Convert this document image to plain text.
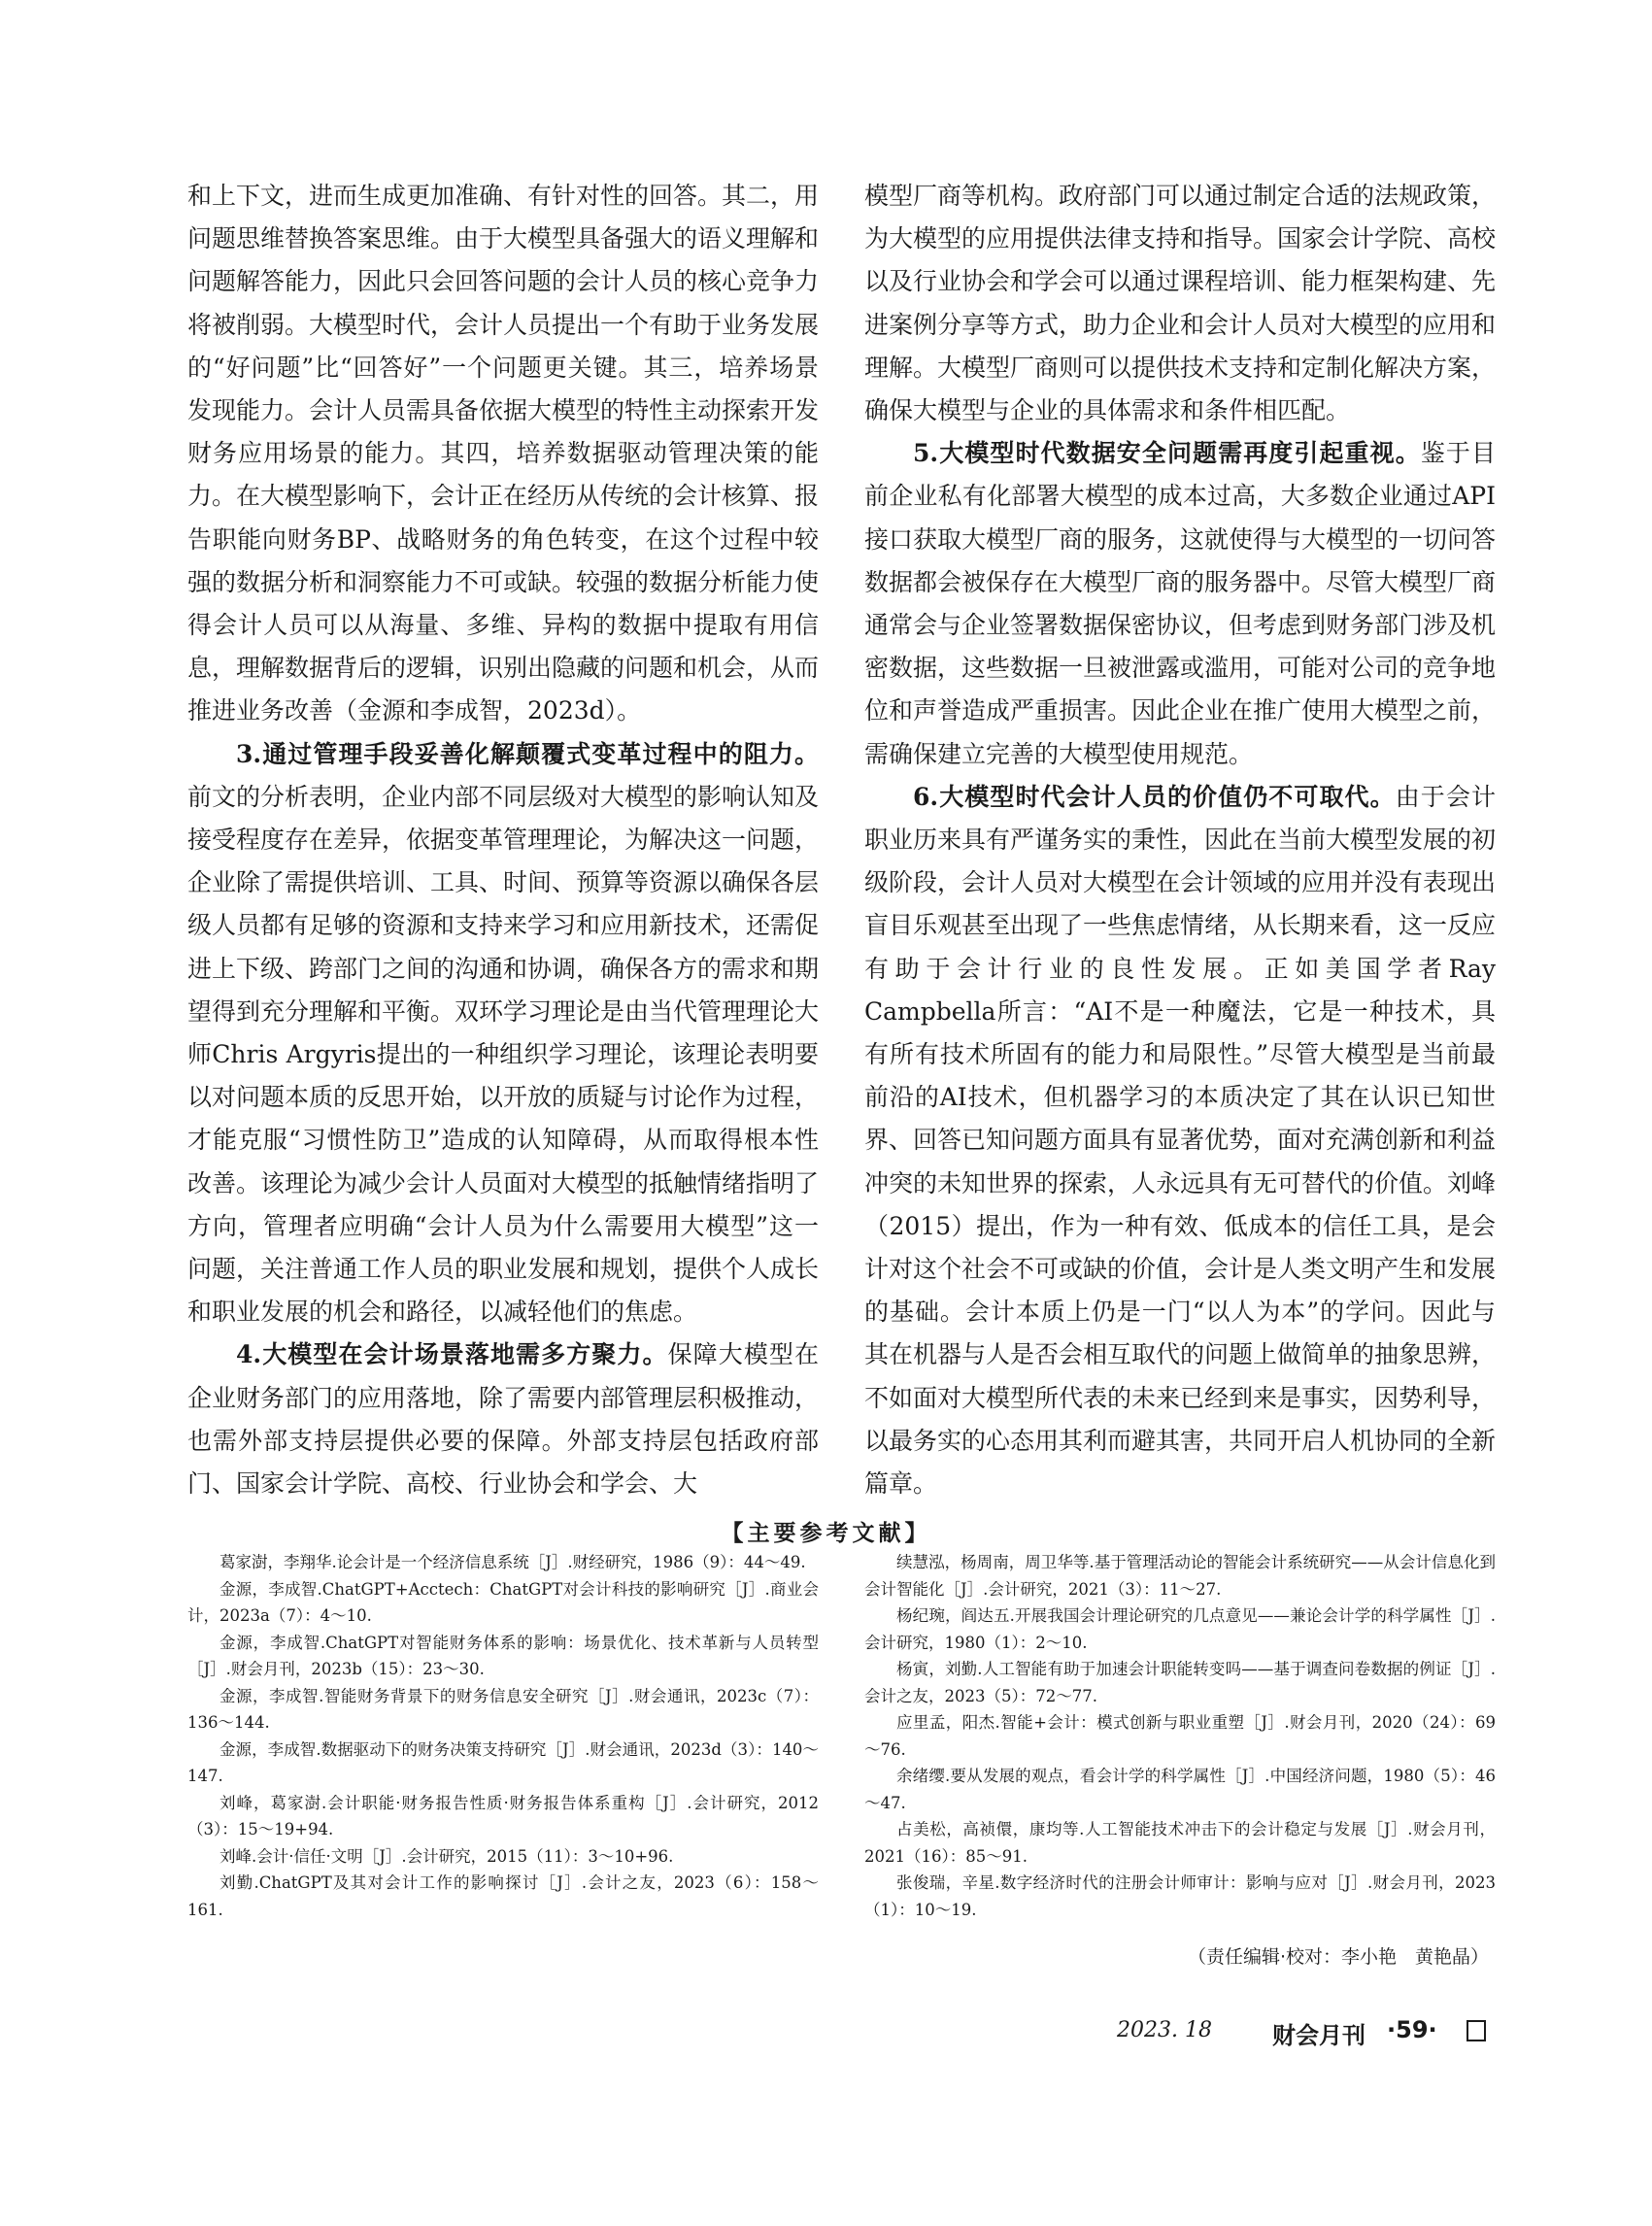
和上下文，进而生成更加准确、有针对性的回答。其二，用问题思维替换答案思维。由于大模型具备强大的语义理解和问题解答能力，因此只会回答问题的会计人员的核心竞争力将被削弱。大模型时代，会计人员提出一个有助于业务发展的“好问题”比“回答好”一个问题更关键。其三，培养场景发现能力。会计人员需具备依据大模型的特性主动探索开发财务应用场景的能力。其四，培养数据驱动管理决策的能力。在大模型影响下，会计正在经历从传统的会计核算、报告职能向财务BP、战略财务的角色转变，在这个过程中较强的数据分析和洞察能力不可或缺。较强的数据分析能力使得会计人员可以从海量、多维、异构的数据中提取有用信息，理解数据背后的逻辑，识别出隐藏的问题和机会，从而推进业务改善（金源和李成智，2023d）。

3.通过管理手段妥善化解颠覆式变革过程中的阻力。前文的分析表明，企业内部不同层级对大模型的影响认知及接受程度存在差异，依据变革管理理论，为解决这一问题，企业除了需提供培训、工具、时间、预算等资源以确保各层级人员都有足够的资源和支持来学习和应用新技术，还需促进上下级、跨部门之间的沟通和协调，确保各方的需求和期望得到充分理解和平衡。双环学习理论是由当代管理理论大师Chris Argyris提出的一种组织学习理论，该理论表明要以对问题本质的反思开始，以开放的质疑与讨论作为过程，才能克服“习惯性防卫”造成的认知障碍，从而取得根本性改善。该理论为减少会计人员面对大模型的抵触情绪指明了方向，管理者应明确“会计人员为什么需要用大模型”这一问题，关注普通工作人员的职业发展和规划，提供个人成长和职业发展的机会和路径，以减轻他们的焦虑。

4.大模型在会计场景落地需多方聚力。保障大模型在企业财务部门的应用落地，除了需要内部管理层积极推动，也需外部支持层提供必要的保障。外部支持层包括政府部门、国家会计学院、高校、行业协会和学会、大

模型厂商等机构。政府部门可以通过制定合适的法规政策，为大模型的应用提供法律支持和指导。国家会计学院、高校以及行业协会和学会可以通过课程培训、能力框架构建、先进案例分享等方式，助力企业和会计人员对大模型的应用和理解。大模型厂商则可以提供技术支持和定制化解决方案，确保大模型与企业的具体需求和条件相匹配。

5.大模型时代数据安全问题需再度引起重视。鉴于目前企业私有化部署大模型的成本过高，大多数企业通过API接口获取大模型厂商的服务，这就使得与大模型的一切问答数据都会被保存在大模型厂商的服务器中。尽管大模型厂商通常会与企业签署数据保密协议，但考虑到财务部门涉及机密数据，这些数据一旦被泄露或滥用，可能对公司的竞争地位和声誉造成严重损害。因此企业在推广使用大模型之前，需确保建立完善的大模型使用规范。

6.大模型时代会计人员的价值仍不可取代。由于会计职业历来具有严谨务实的秉性，因此在当前大模型发展的初级阶段，会计人员对大模型在会计领域的应用并没有表现出盲目乐观甚至出现了一些焦虑情绪，从长期来看，这一反应有助于会计行业的良性发展。正如美国学者Ray Campbella所言：“AI不是一种魔法，它是一种技术，具有所有技术所固有的能力和局限性。”尽管大模型是当前最前沿的AI技术，但机器学习的本质决定了其在认识已知世界、回答已知问题方面具有显著优势，面对充满创新和利益冲突的未知世界的探索，人永远具有无可替代的价值。刘峰（2015）提出，作为一种有效、低成本的信任工具，是会计对这个社会不可或缺的价值，会计是人类文明产生和发展的基础。会计本质上仍是一门“以人为本”的学问。因此与其在机器与人是否会相互取代的问题上做简单的抽象思辨，不如面对大模型所代表的未来已经到来是事实，因势利导，以最务实的心态用其利而避其害，共同开启人机协同的全新篇章。

【主要参考文献】
葛家澍，李翔华.论会计是一个经济信息系统［J］.财经研究，1986（9）：44～49.
金源，李成智.ChatGPT+Acctech：ChatGPT对会计科技的影响研究［J］.商业会计，2023a（7）：4～10.
金源，李成智.ChatGPT对智能财务体系的影响：场景优化、技术革新与人员转型［J］.财会月刊，2023b（15）：23～30.
金源，李成智.智能财务背景下的财务信息安全研究［J］.财会通讯，2023c（7）：136～144.
金源，李成智.数据驱动下的财务决策支持研究［J］.财会通讯，2023d（3）：140～147.
刘峰，葛家澍.会计职能·财务报告性质·财务报告体系重构［J］.会计研究，2012（3）：15～19+94.
刘峰.会计·信任·文明［J］.会计研究，2015（11）：3～10+96.
刘勤.ChatGPT及其对会计工作的影响探讨［J］.会计之友，2023（6）：158～161.
续慧泓，杨周南，周卫华等.基于管理活动论的智能会计系统研究——从会计信息化到会计智能化［J］.会计研究，2021（3）：11～27.
杨纪琬，阎达五.开展我国会计理论研究的几点意见——兼论会计学的科学属性［J］.会计研究，1980（1）：2～10.
杨寅，刘勤.人工智能有助于加速会计职能转变吗——基于调查问卷数据的例证［J］.会计之友，2023（5）：72～77.
应里孟，阳杰.智能+会计：模式创新与职业重塑［J］.财会月刊，2020（24）：69～76.
余绪缨.要从发展的观点，看会计学的科学属性［J］.中国经济问题，1980（5）：46～47.
占美松，高祯儇，康均等.人工智能技术冲击下的会计稳定与发展［J］.财会月刊，2021（16）：85～91.
张俊瑞，辛星.数字经济时代的注册会计师审计：影响与应对［J］.财会月刊，2023（1）：10～19.
（责任编辑·校对：李小艳　黄艳晶）
2023. 18	财会月刊 ·59·
